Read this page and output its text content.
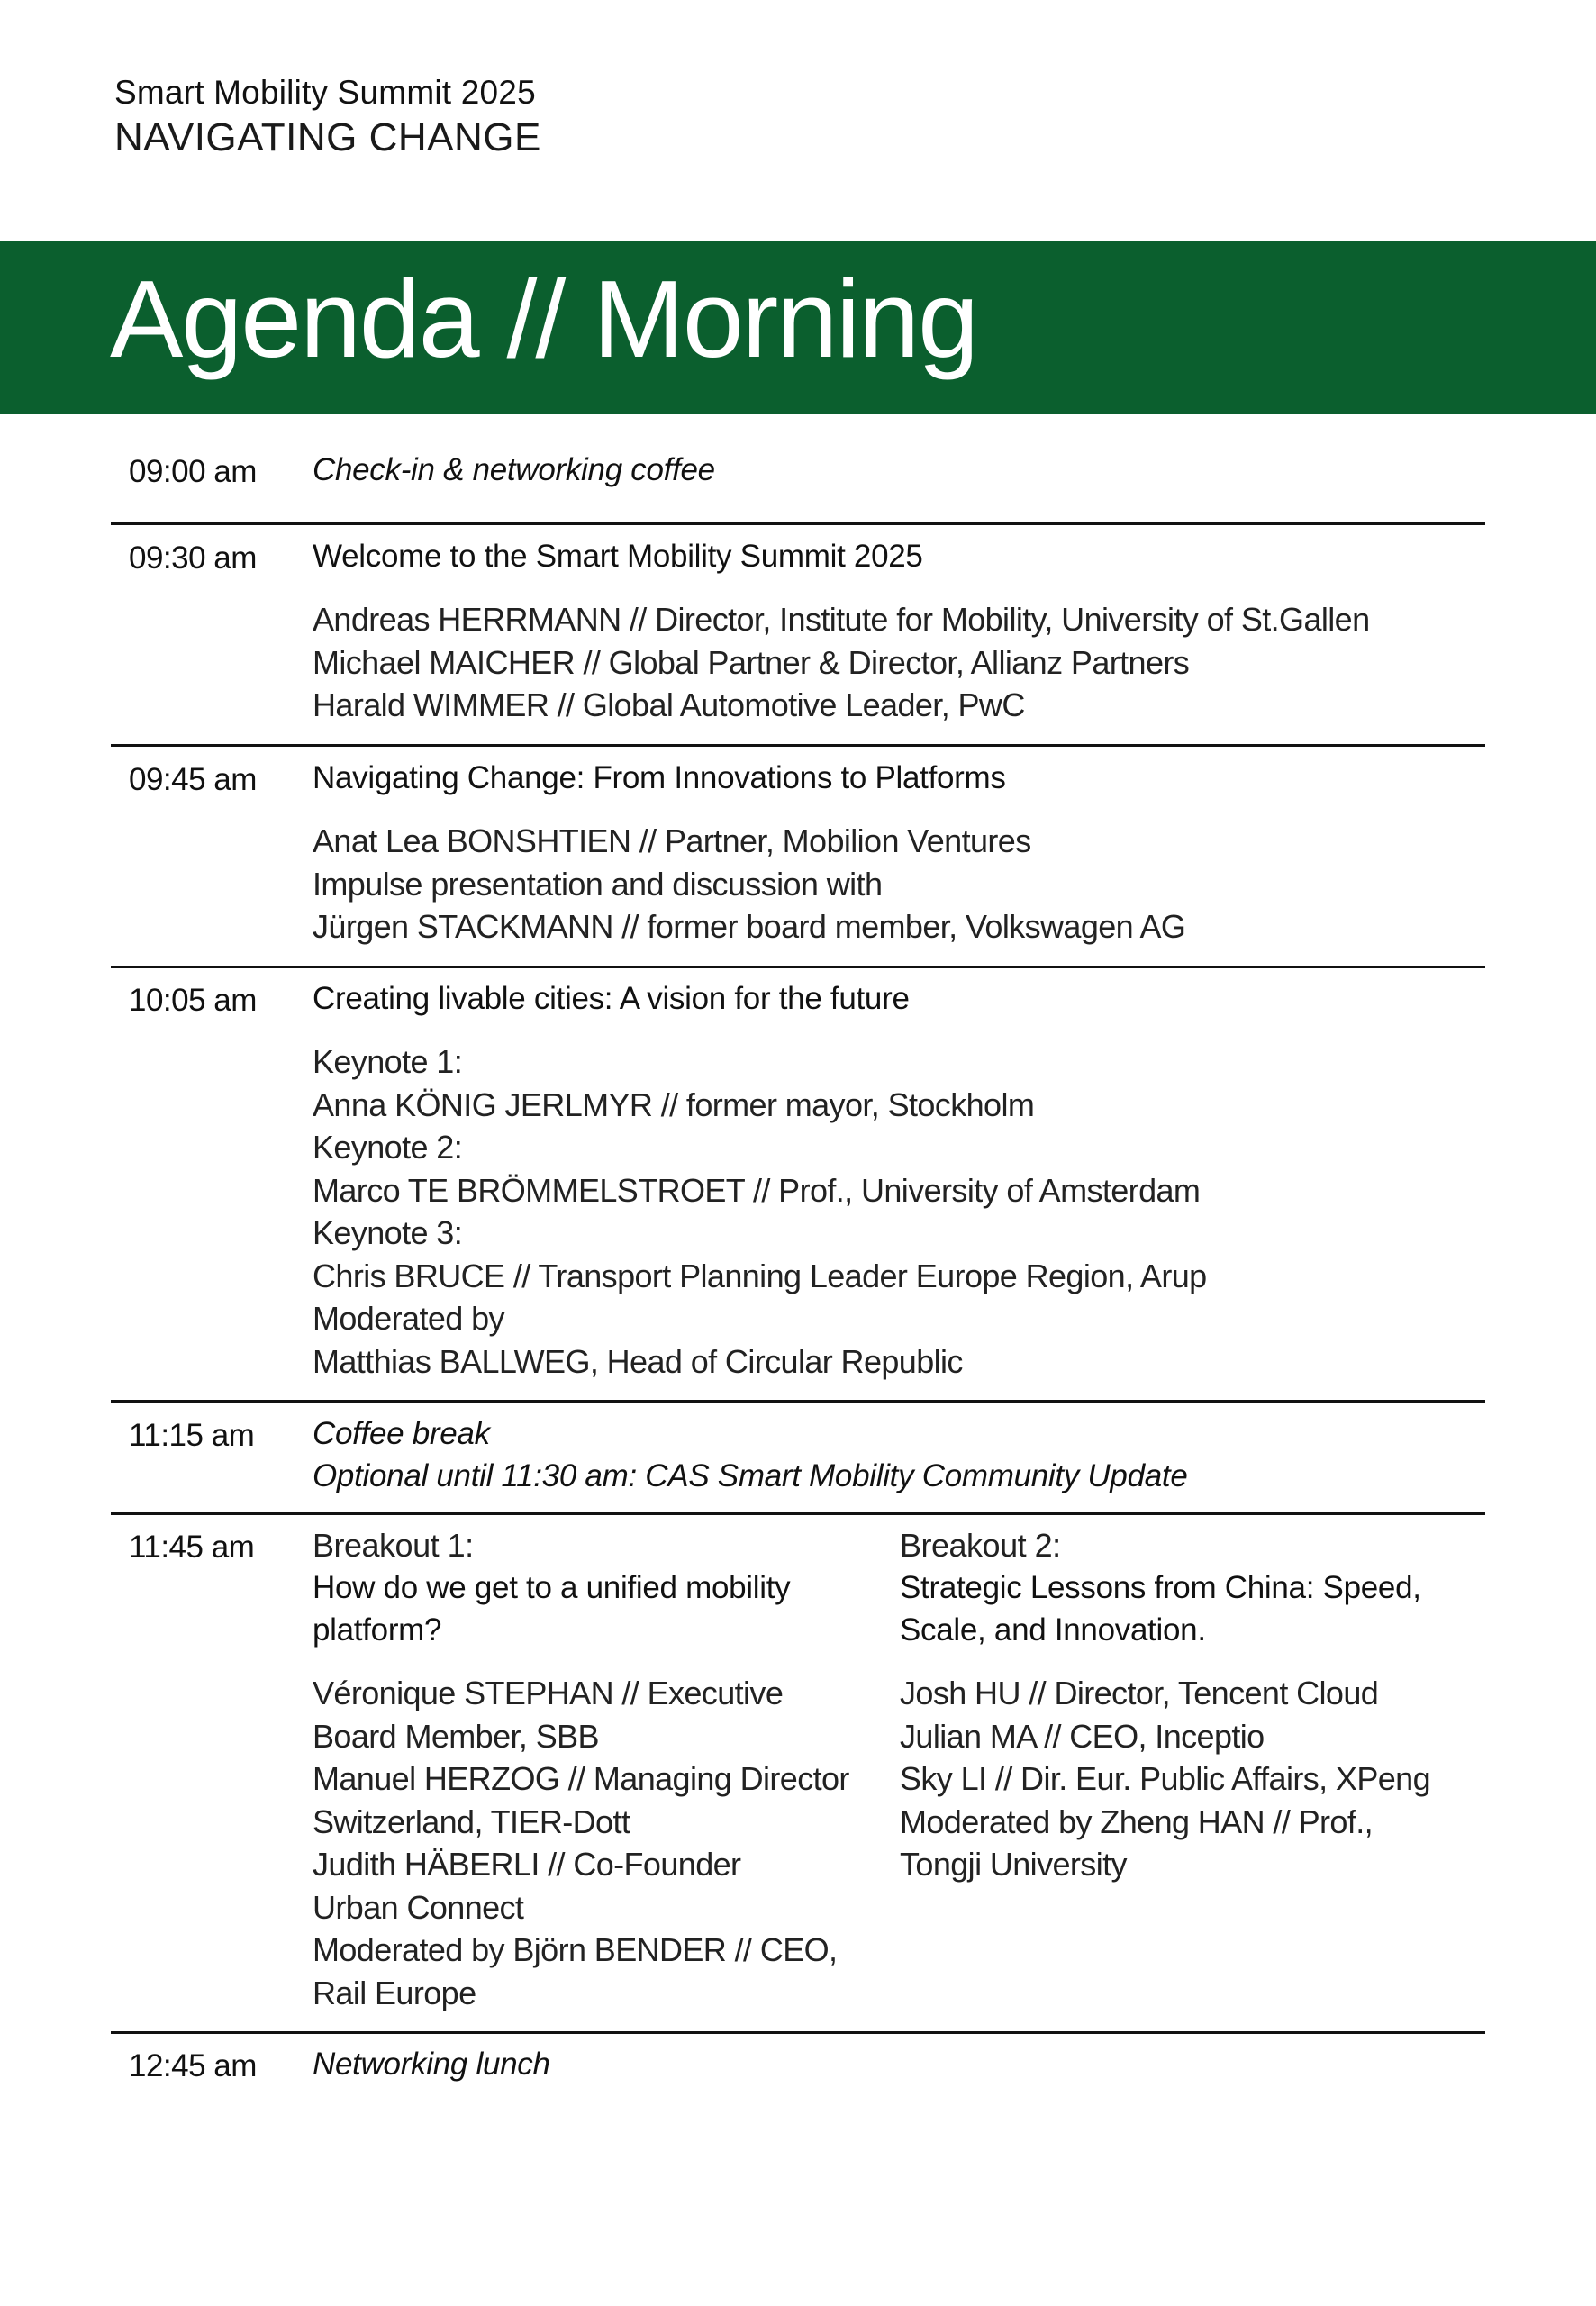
Smart Mobility Summit 2025
NAVIGATING CHANGE
Agenda // Morning
09:00 am Check-in & networking coffee
09:30 am Welcome to the Smart Mobility Summit 2025
Andreas HERRMANN // Director, Institute for Mobility, University of St.Gallen
Michael MAICHER // Global Partner & Director, Allianz Partners
Harald WIMMER // Global Automotive Leader, PwC
09:45 am Navigating Change: From Innovations to Platforms
Anat Lea BONSHTIEN // Partner, Mobilion Ventures
Impulse presentation and discussion with
Jürgen STACKMANN // former board member, Volkswagen AG
10:05 am Creating livable cities: A vision for the future
Keynote 1:
Anna KÖNIG JERLMYR // former mayor, Stockholm
Keynote 2:
Marco TE BRÖMMELSTROET // Prof., University of Amsterdam
Keynote 3:
Chris BRUCE // Transport Planning Leader Europe Region, Arup
Moderated by
Matthias BALLWEG, Head of Circular Republic
11:15 am Coffee break
Optional until 11:30 am: CAS Smart Mobility Community Update
11:45 am Breakout 1:
How do we get to a unified mobility
platform?
Véronique STEPHAN // Executive
Board Member, SBB
Manuel HERZOG // Managing Director
Switzerland, TIER-Dott
Judith HÄBERLI // Co-Founder
Urban Connect
Moderated by Björn BENDER // CEO,
Rail Europe
Breakout 2:
Strategic Lessons from China: Speed,
Scale, and Innovation.
Josh HU // Director, Tencent Cloud
Julian MA // CEO, Inceptio
Sky LI // Dir. Eur. Public Affairs, XPeng
Moderated by Zheng HAN // Prof.,
Tongji University
12:45 am Networking lunch
